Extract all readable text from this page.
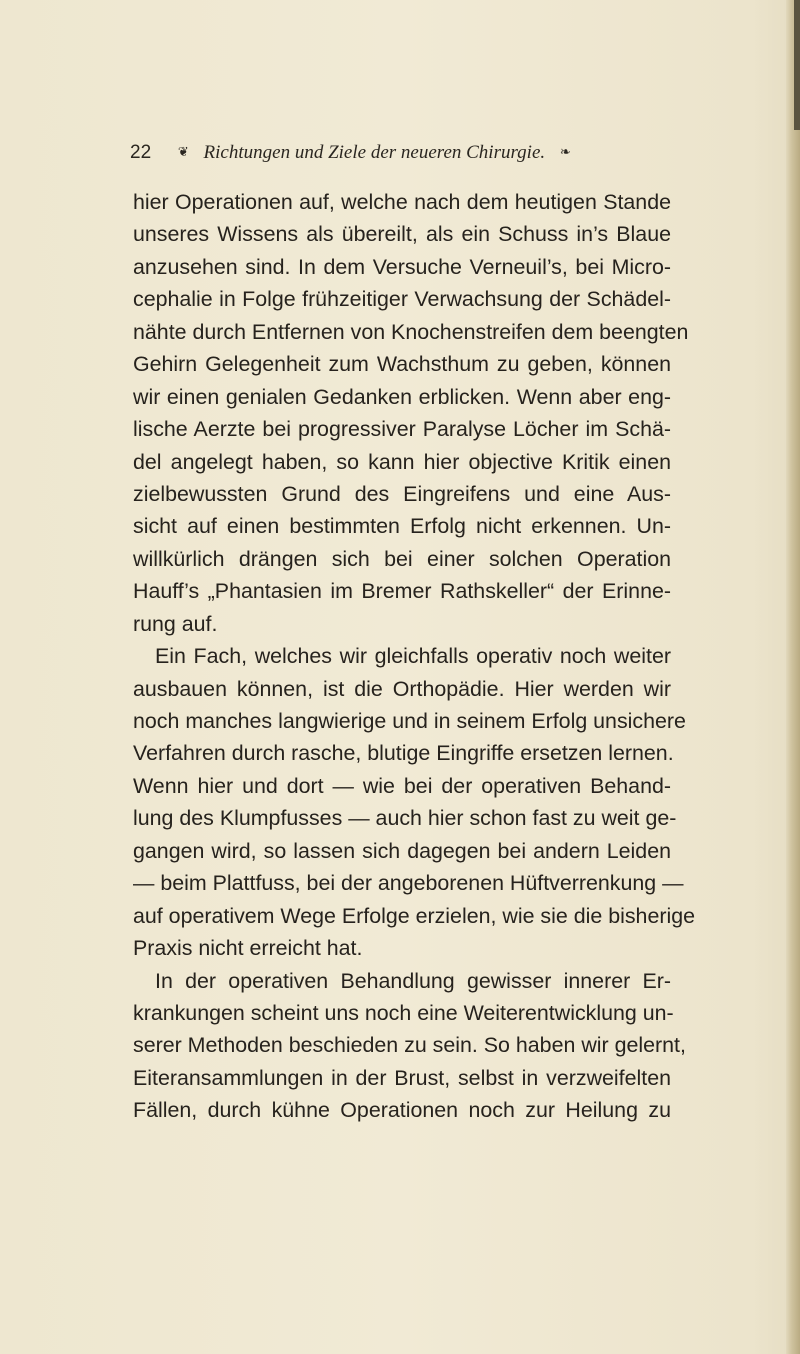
22 ❦ Richtungen und Ziele der neueren Chirurgie. ❧
hier Operationen auf, welche nach dem heutigen Stande
unseres Wissens als übereilt, als ein Schuss in’s Blaue
anzusehen sind. In dem Versuche Verneuil’s, bei Micro-
cephalie in Folge frühzeitiger Verwachsung der Schädel-
nähte durch Entfernen von Knochenstreifen dem beengten
Gehirn Gelegenheit zum Wachsthum zu geben, können
wir einen genialen Gedanken erblicken. Wenn aber eng-
lische Aerzte bei progressiver Paralyse Löcher im Schä-
del angelegt haben, so kann hier objective Kritik einen
zielbewussten Grund des Eingreifens und eine Aus-
sicht auf einen bestimmten Erfolg nicht erkennen. Un-
willkürlich drängen sich bei einer solchen Operation
Hauff’s „Phantasien im Bremer Rathskeller“ der Erinne-
rung auf.
Ein Fach, welches wir gleichfalls operativ noch weiter
ausbauen können, ist die Orthopädie. Hier werden wir
noch manches langwierige und in seinem Erfolg unsichere
Verfahren durch rasche, blutige Eingriffe ersetzen lernen.
Wenn hier und dort — wie bei der operativen Behand-
lung des Klumpfusses — auch hier schon fast zu weit ge-
gangen wird, so lassen sich dagegen bei andern Leiden
— beim Plattfuss, bei der angeborenen Hüftverrenkung —
auf operativem Wege Erfolge erzielen, wie sie die bisherige
Praxis nicht erreicht hat.
In der operativen Behandlung gewisser innerer Er-
krankungen scheint uns noch eine Weiterentwicklung un-
serer Methoden beschieden zu sein. So haben wir gelernt,
Eiteransammlungen in der Brust, selbst in verzweifelten
Fällen, durch kühne Operationen noch zur Heilung zu
